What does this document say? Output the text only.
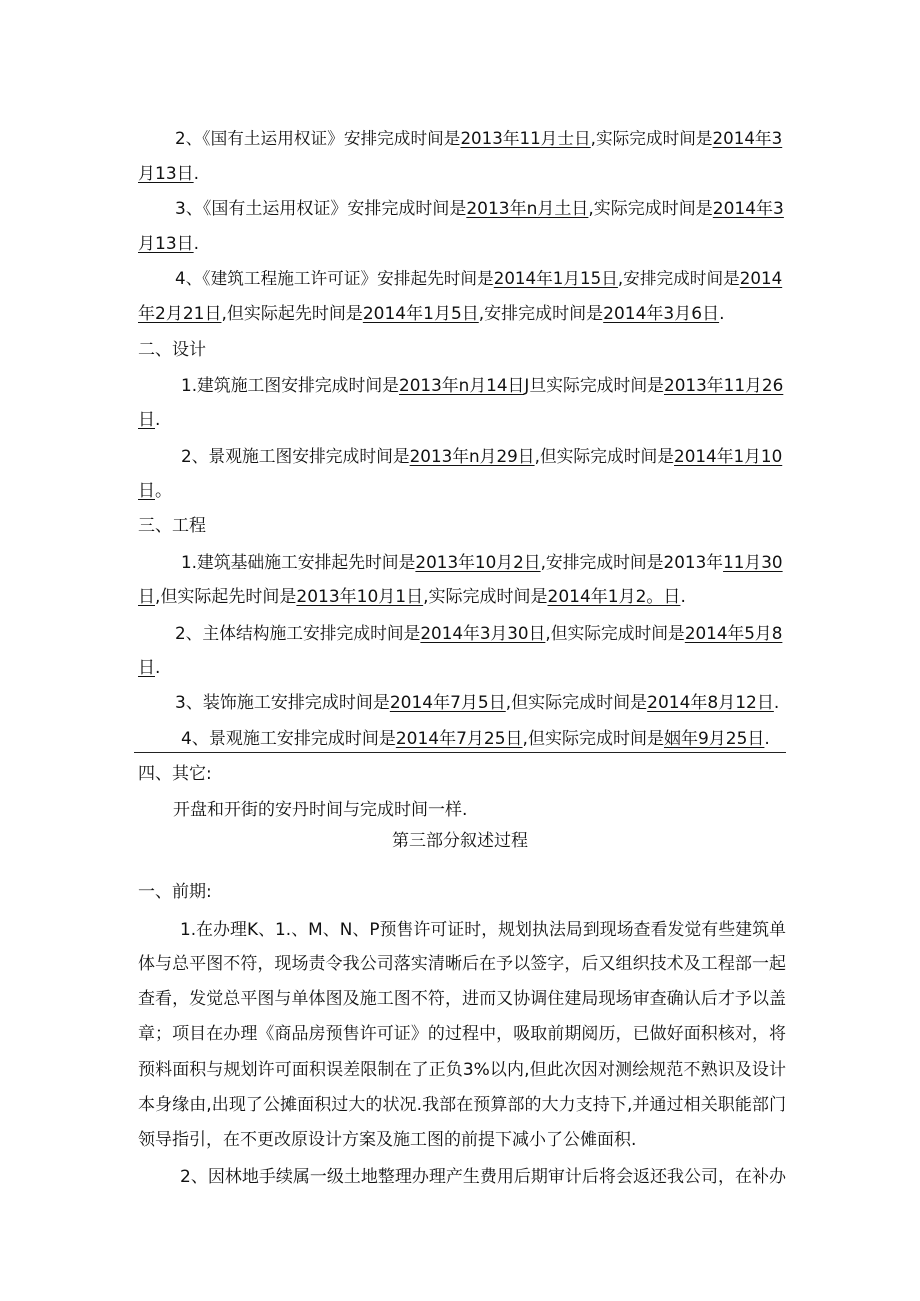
2、《国有土运用权证》安排完成时间是2013年11月士日,实际完成时间是2014年3
月13日.
3、《国有土运用权证》安排完成时间是2013年n月土日,实际完成时间是2014年3
月13日.
4、《建筑工程施工许可证》安排起先时间是2014年1月15日,安排完成时间是2014
年2月21日,但实际起先时间是2014年1月5日,安排完成时间是2014年3月6日.
二、设计
1.建筑施工图安排完成时间是2013年n月14日J旦实际完成时间是2013年11月26
日.
2、景观施工图安排完成时间是2013年n月29日,但实际完成时间是2014年1月10
日。
三、工程
1.建筑基础施工安排起先时间是2013年10月2日,安排完成时间是2013年11月30
日,但实际起先时间是2013年10月1日,实际完成时间是2014年1月2。日.
2、主体结构施工安排完成时间是2014年3月30日,但实际完成时间是2014年5月8
日.
3、装饰施工安排完成时间是2014年7月5日,但实际完成时间是2014年8月12日.
4、景观施工安排完成时间是2014年7月25日,但实际完成时间是姻年9月25日.
四、其它:
开盘和开街的安丹时间与完成时间一样.
第三部分叙述过程
一、前期:
1.在办理K、1.、M、N、P预售许可证时，规划执法局到现场查看发觉有些建筑单
体与总平图不符，现场责令我公司落实清晰后在予以签字，后又组织技术及工程部一起
查看，发觉总平图与单体图及施工图不符，进而又协调住建局现场审查确认后才予以盖
章；项目在办理《商品房预售许可证》的过程中，吸取前期阅历，已做好面积核对，将
预料面积与规划许可面积误差限制在了正负3%以内,但此次因对测绘规范不熟识及设计
本身缘由,出现了公摊面积过大的状况.我部在预算部的大力支持下,并通过相关职能部门
领导指引，在不更改原设计方案及施工图的前提下减小了公傩面积.
2、因林地手续属一级土地整理办理产生费用后期审计后将会返还我公司，在补办
